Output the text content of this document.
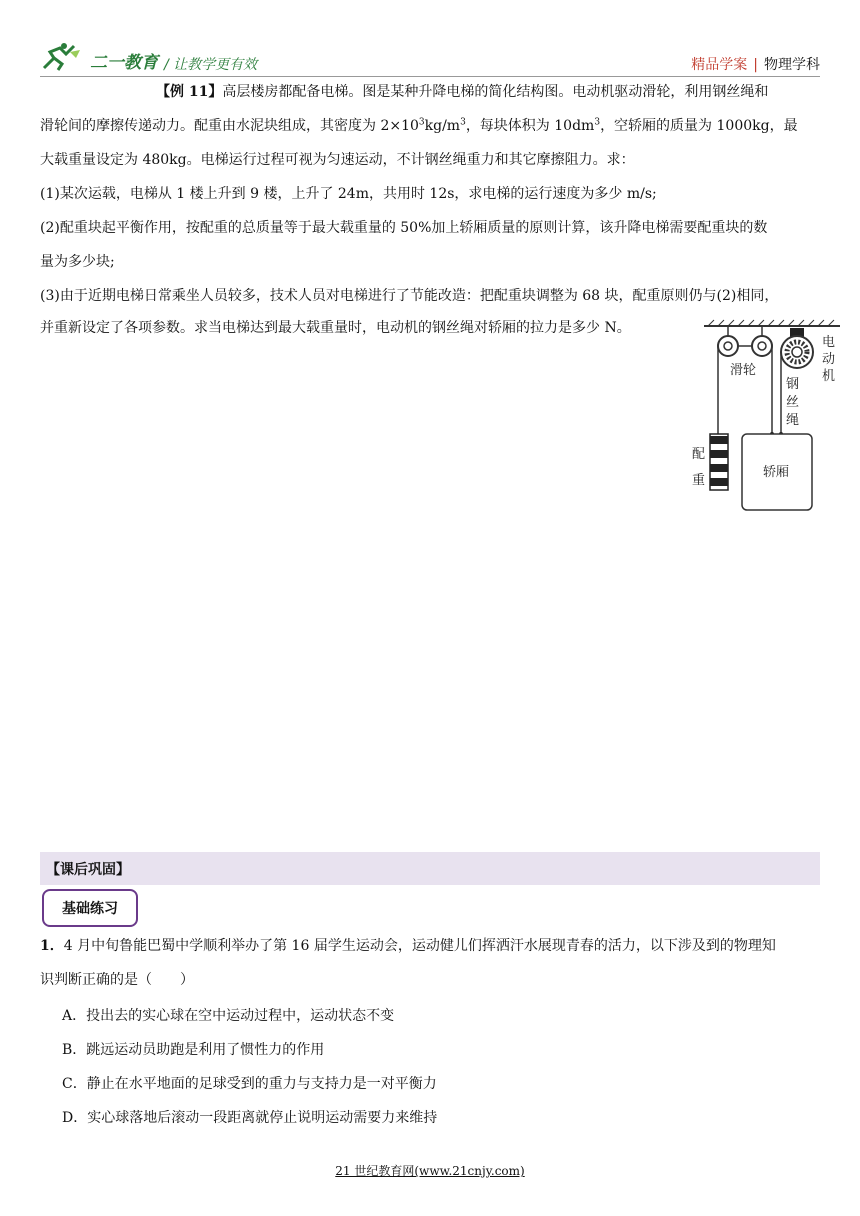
二一教育 / 让教学更有效	精品学案 | 物理学科

【例 11】高层楼房都配备电梯。图是某种升降电梯的简化结构图。电动机驱动滑轮，利用钢丝绳和

滑轮间的摩擦传递动力。配重由水泥块组成，其密度为 $2\times 10^3kg/m^3$，每块体积为 $10dm^3$，空轿厢的质量为 1000kg，最

大载重量设定为 480kg。电梯运行过程可视为匀速运动，不计钢丝绳重力和其它摩擦阻力。求：

(1)某次运载，电梯从 1 楼上升到 9 楼，上升了 24m，共用时 12s，求电梯的运行速度为多少 m/s;

(2)配重块起平衡作用，按配重的总质量等于最大载重量的 50%加上轿厢质量的原则计算，该升降电梯需要配重块的数

量为多少块;

(3)由于近期电梯日常乘坐人员较多，技术人员对电梯进行了节能改造：把配重块调整为 68 块，配重原则仍与(2)相同，

并重新设定了各项参数。求当电梯达到最大载重量时，电动机的钢丝绳对轿厢的拉力是多少 N。

滑轮
电
动
机
钢
丝
绳
配
重
轿厢
【课后巩固】
基础练习
1．4 月中旬鲁能巴蜀中学顺利举办了第 16 届学生运动会，运动健儿们挥洒汗水展现青春的活力，以下涉及到的物理知
识判断正确的是（　　）
A．投出去的实心球在空中运动过程中，运动状态不变
B．跳远运动员助跑是利用了惯性力的作用
C．静止在水平地面的足球受到的重力与支持力是一对平衡力
D．实心球落地后滚动一段距离就停止说明运动需要力来维持
21 世纪教育网(www.21cnjy.com)
